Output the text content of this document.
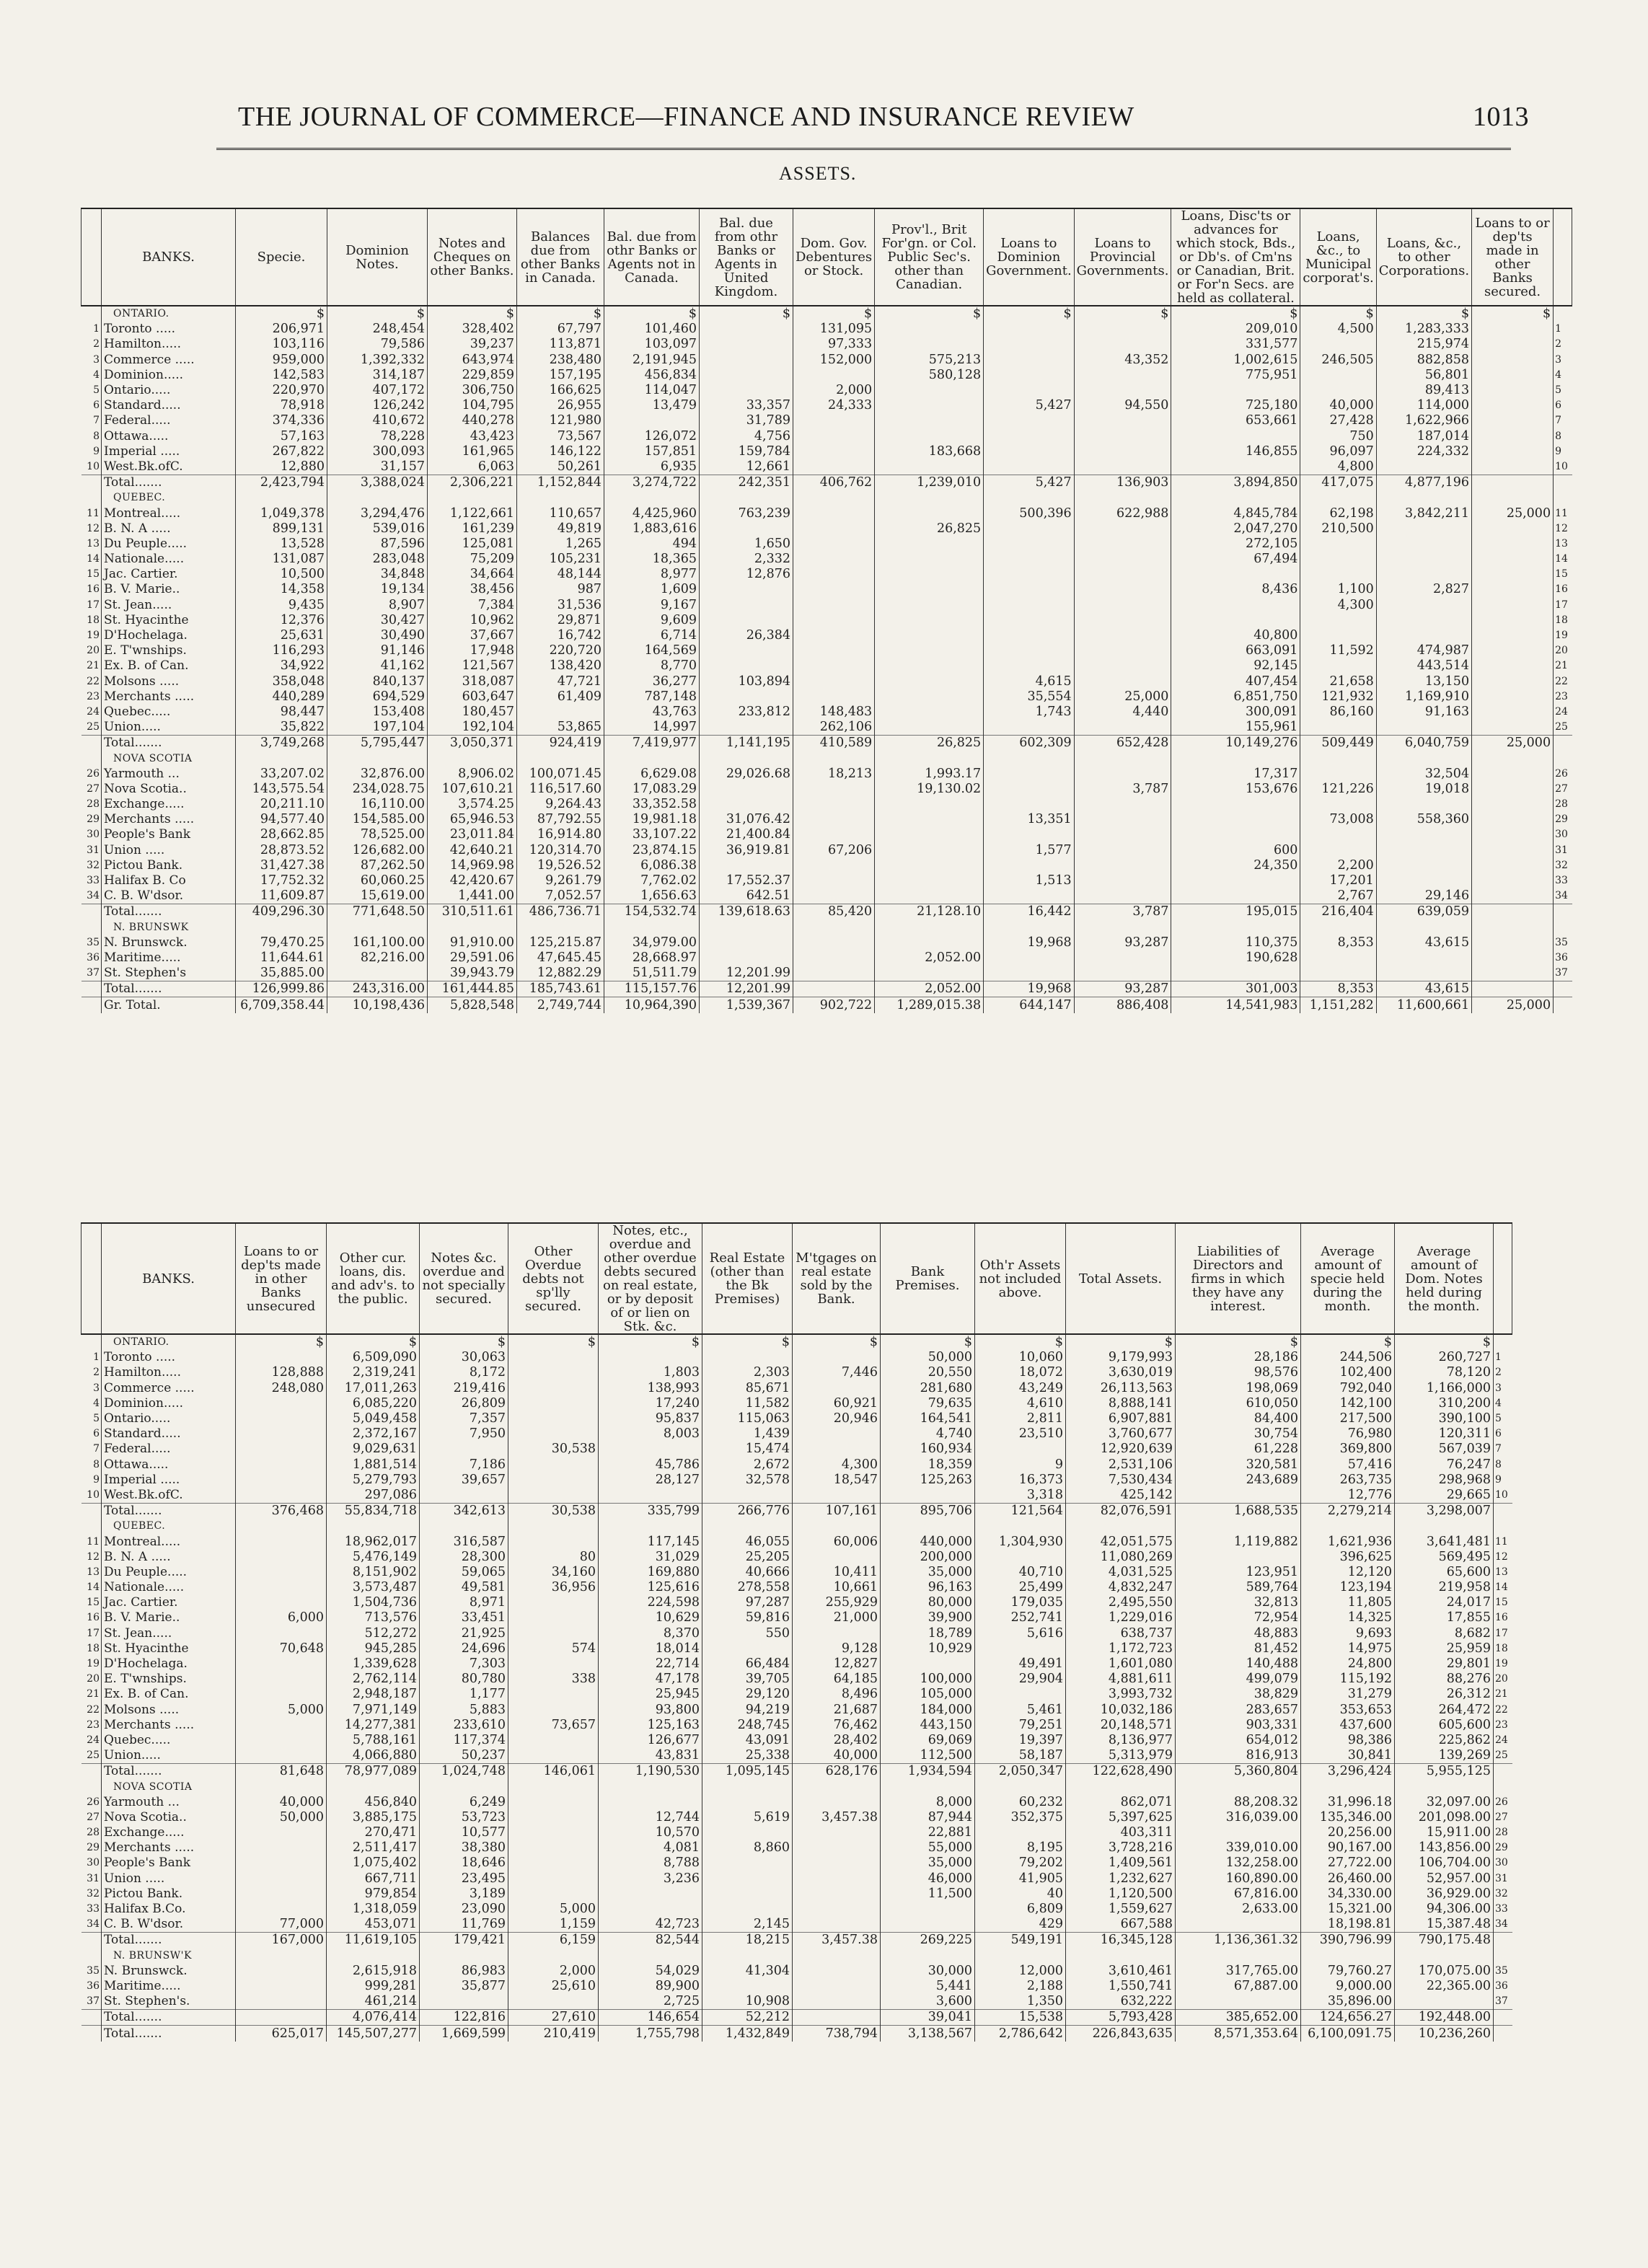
THE JOURNAL OF COMMERCE—FINANCE AND INSURANCE REVIEW	1013
ASSETS.
	BANKS.	Specie.	Dominion Notes.	Notes and Cheques on other Banks.	Balances due from other Banks in Canada.	Bal. due from othr Banks or Agents not in Canada.	Bal. due from othr Banks or Agents in United Kingdom.	Dom. Gov. Debentures or Stock.	Prov'l., Brit For'gn. or Col. Public Sec's. other than Canadian.	Loans to Dominion Government.	Loans to Provincial Governments.	Loans, Disc'ts or advances for which stock, Bds., or Db's. of Cm'ns or Canadian, Brit. or For'n Secs. are held as collateral.	Loans, &c., to Municipal corporat's.	Loans, &c., to other Corporations.	Loans to or dep'ts made in other Banks secured.	
	ONTARIO.	$	$	$	$	$	$	$	$	$	$	$	$	$	$	
1	Toronto .....	206,971	248,454	328,402	67,797	101,460		131,095				209,010	4,500	1,283,333		1
2	Hamilton.....	103,116	79,586	39,237	113,871	103,097		97,333				331,577		215,974		2
3	Commerce .....	959,000	1,392,332	643,974	238,480	2,191,945		152,000	575,213		43,352	1,002,615	246,505	882,858		3
4	Dominion.....	142,583	314,187	229,859	157,195	456,834			580,128			775,951		56,801		4
5	Ontario.....	220,970	407,172	306,750	166,625	114,047		2,000						89,413		5
6	Standard.....	78,918	126,242	104,795	26,955	13,479	33,357	24,333		5,427	94,550	725,180	40,000	114,000		6
7	Federal.....	374,336	410,672	440,278	121,980		31,789					653,661	27,428	1,622,966		7
8	Ottawa.....	57,163	78,228	43,423	73,567	126,072	4,756						750	187,014		8
9	Imperial .....	267,822	300,093	161,965	146,122	157,851	159,784		183,668			146,855	96,097	224,332		9
10	West.Bk.ofC.	12,880	31,157	6,063	50,261	6,935	12,661						4,800			10
	Total.......	2,423,794	3,388,024	2,306,221	1,152,844	3,274,722	242,351	406,762	1,239,010	5,427	136,903	3,894,850	417,075	4,877,196		
	QUEBEC.															
11	Montreal.....	1,049,378	3,294,476	1,122,661	110,657	4,425,960	763,239			500,396	622,988	4,845,784	62,198	3,842,211	25,000	11
12	B. N. A .....	899,131	539,016	161,239	49,819	1,883,616			26,825			2,047,270	210,500			12
13	Du Peuple.....	13,528	87,596	125,081	1,265	494	1,650					272,105				13
14	Nationale.....	131,087	283,048	75,209	105,231	18,365	2,332					67,494				14
15	Jac. Cartier.	10,500	34,848	34,664	48,144	8,977	12,876									15
16	B. V. Marie..	14,358	19,134	38,456	987	1,609						8,436	1,100	2,827		16
17	St. Jean.....	9,435	8,907	7,384	31,536	9,167							4,300			17
18	St. Hyacinthe	12,376	30,427	10,962	29,871	9,609										18
19	D'Hochelaga.	25,631	30,490	37,667	16,742	6,714	26,384					40,800				19
20	E. T'wnships.	116,293	91,146	17,948	220,720	164,569						663,091	11,592	474,987		20
21	Ex. B. of Can.	34,922	41,162	121,567	138,420	8,770						92,145		443,514		21
22	Molsons .....	358,048	840,137	318,087	47,721	36,277	103,894			4,615		407,454	21,658	13,150		22
23	Merchants .....	440,289	694,529	603,647	61,409	787,148				35,554	25,000	6,851,750	121,932	1,169,910		23
24	Quebec.....	98,447	153,408	180,457		43,763	233,812	148,483		1,743	4,440	300,091	86,160	91,163		24
25	Union.....	35,822	197,104	192,104	53,865	14,997		262,106				155,961				25
	Total.......	3,749,268	5,795,447	3,050,371	924,419	7,419,977	1,141,195	410,589	26,825	602,309	652,428	10,149,276	509,449	6,040,759	25,000	
	NOVA SCOTIA															
26	Yarmouth ...	33,207.02	32,876.00	8,906.02	100,071.45	6,629.08	29,026.68	18,213	1,993.17			17,317		32,504		26
27	Nova Scotia..	143,575.54	234,028.75	107,610.21	116,517.60	17,083.29			19,130.02		3,787	153,676	121,226	19,018		27
28	Exchange.....	20,211.10	16,110.00	3,574.25	9,264.43	33,352.58										28
29	Merchants .....	94,577.40	154,585.00	65,946.53	87,792.55	19,981.18	31,076.42			13,351			73,008	558,360		29
30	People's Bank	28,662.85	78,525.00	23,011.84	16,914.80	33,107.22	21,400.84									30
31	Union .....	28,873.52	126,682.00	42,640.21	120,314.70	23,874.15	36,919.81	67,206		1,577		600				31
32	Pictou Bank.	31,427.38	87,262.50	14,969.98	19,526.52	6,086.38						24,350	2,200			32
33	Halifax B. Co	17,752.32	60,060.25	42,420.67	9,261.79	7,762.02	17,552.37			1,513			17,201			33
34	C. B. W'dsor.	11,609.87	15,619.00	1,441.00	7,052.57	1,656.63	642.51						2,767	29,146		34
	Total.......	409,296.30	771,648.50	310,511.61	486,736.71	154,532.74	139,618.63	85,420	21,128.10	16,442	3,787	195,015	216,404	639,059		
	N. BRUNSWK															
35	N. Brunswck.	79,470.25	161,100.00	91,910.00	125,215.87	34,979.00				19,968	93,287	110,375	8,353	43,615		35
36	Maritime.....	11,644.61	82,216.00	29,591.06	47,645.45	28,668.97			2,052.00			190,628				36
37	St. Stephen's	35,885.00		39,943.79	12,882.29	51,511.79	12,201.99									37
	Total.......	126,999.86	243,316.00	161,444.85	185,743.61	115,157.76	12,201.99		2,052.00	19,968	93,287	301,003	8,353	43,615		
	Gr. Total.	6,709,358.44	10,198,436	5,828,548	2,749,744	10,964,390	1,539,367	902,722	1,289,015.38	644,147	886,408	14,541,983	1,151,282	11,600,661	25,000	
	BANKS.	Loans to or dep'ts made in other Banks unsecured	Other cur. loans, dis. and adv's. to the public.	Notes &c. overdue and not specially secured.	Other Overdue debts not sp'lly secured.	Notes, etc., overdue and other overdue debts secured on real estate, or by deposit of or lien on Stk. &c.	Real Estate (other than the Bk Premises)	M'tgages on real estate sold by the Bank.	Bank Premises.	Oth'r Assets not included above.	Total Assets.	Liabilities of Directors and firms in which they have any interest.	Average amount of specie held during the month.	Average amount of Dom. Notes held during the month.	
	ONTARIO.	$	$	$	$	$	$	$	$	$	$	$	$	$	
1	Toronto .....		6,509,090	30,063					50,000	10,060	9,179,993	28,186	244,506	260,727	1
2	Hamilton.....	128,888	2,319,241	8,172		1,803	2,303	7,446	20,550	18,072	3,630,019	98,576	102,400	78,120	2
3	Commerce .....	248,080	17,011,263	219,416		138,993	85,671		281,680	43,249	26,113,563	198,069	792,040	1,166,000	3
4	Dominion.....		6,085,220	26,809		17,240	11,582	60,921	79,635	4,610	8,888,141	610,050	142,100	310,200	4
5	Ontario.....		5,049,458	7,357		95,837	115,063	20,946	164,541	2,811	6,907,881	84,400	217,500	390,100	5
6	Standard.....		2,372,167	7,950		8,003	1,439		4,740	23,510	3,760,677	30,754	76,980	120,311	6
7	Federal.....		9,029,631		30,538		15,474		160,934		12,920,639	61,228	369,800	567,039	7
8	Ottawa.....		1,881,514	7,186		45,786	2,672	4,300	18,359	9	2,531,106	320,581	57,416	76,247	8
9	Imperial .....		5,279,793	39,657		28,127	32,578	18,547	125,263	16,373	7,530,434	243,689	263,735	298,968	9
10	West.Bk.ofC.		297,086							3,318	425,142		12,776	29,665	10
	Total.......	376,468	55,834,718	342,613	30,538	335,799	266,776	107,161	895,706	121,564	82,076,591	1,688,535	2,279,214	3,298,007	
	QUEBEC.														
11	Montreal.....		18,962,017	316,587		117,145	46,055	60,006	440,000	1,304,930	42,051,575	1,119,882	1,621,936	3,641,481	11
12	B. N. A .....		5,476,149	28,300	80	31,029	25,205		200,000		11,080,269		396,625	569,495	12
13	Du Peuple.....		8,151,902	59,065	34,160	169,880	40,666	10,411	35,000	40,710	4,031,525	123,951	12,120	65,600	13
14	Nationale.....		3,573,487	49,581	36,956	125,616	278,558	10,661	96,163	25,499	4,832,247	589,764	123,194	219,958	14
15	Jac. Cartier.		1,504,736	8,971		224,598	97,287	255,929	80,000	179,035	2,495,550	32,813	11,805	24,017	15
16	B. V. Marie..	6,000	713,576	33,451		10,629	59,816	21,000	39,900	252,741	1,229,016	72,954	14,325	17,855	16
17	St. Jean.....		512,272	21,925		8,370	550		18,789	5,616	638,737	48,883	9,693	8,682	17
18	St. Hyacinthe	70,648	945,285	24,696	574	18,014		9,128	10,929		1,172,723	81,452	14,975	25,959	18
19	D'Hochelaga.		1,339,628	7,303		22,714	66,484	12,827		49,491	1,601,080	140,488	24,800	29,801	19
20	E. T'wnships.		2,762,114	80,780	338	47,178	39,705	64,185	100,000	29,904	4,881,611	499,079	115,192	88,276	20
21	Ex. B. of Can.		2,948,187	1,177		25,945	29,120	8,496	105,000		3,993,732	38,829	31,279	26,312	21
22	Molsons .....	5,000	7,971,149	5,883		93,800	94,219	21,687	184,000	5,461	10,032,186	283,657	353,653	264,472	22
23	Merchants .....		14,277,381	233,610	73,657	125,163	248,745	76,462	443,150	79,251	20,148,571	903,331	437,600	605,600	23
24	Quebec.....		5,788,161	117,374		126,677	43,091	28,402	69,069	19,397	8,136,977	654,012	98,386	225,862	24
25	Union.....		4,066,880	50,237		43,831	25,338	40,000	112,500	58,187	5,313,979	816,913	30,841	139,269	25
	Total.......	81,648	78,977,089	1,024,748	146,061	1,190,530	1,095,145	628,176	1,934,594	2,050,347	122,628,490	5,360,804	3,296,424	5,955,125	
	NOVA SCOTIA														
26	Yarmouth ...	40,000	456,840	6,249					8,000	60,232	862,071	88,208.32	31,996.18	32,097.00	26
27	Nova Scotia..	50,000	3,885,175	53,723		12,744	5,619	3,457.38	87,944	352,375	5,397,625	316,039.00	135,346.00	201,098.00	27
28	Exchange.....		270,471	10,577		10,570			22,881		403,311		20,256.00	15,911.00	28
29	Merchants .....		2,511,417	38,380		4,081	8,860		55,000	8,195	3,728,216	339,010.00	90,167.00	143,856.00	29
30	People's Bank		1,075,402	18,646		8,788			35,000	79,202	1,409,561	132,258.00	27,722.00	106,704.00	30
31	Union .....		667,711	23,495		3,236			46,000	41,905	1,232,627	160,890.00	26,460.00	52,957.00	31
32	Pictou Bank.		979,854	3,189					11,500	40	1,120,500	67,816.00	34,330.00	36,929.00	32
33	Halifax B.Co.		1,318,059	23,090	5,000					6,809	1,559,627	2,633.00	15,321.00	94,306.00	33
34	C. B. W'dsor.	77,000	453,071	11,769	1,159	42,723	2,145			429	667,588		18,198.81	15,387.48	34
	Total.......	167,000	11,619,105	179,421	6,159	82,544	18,215	3,457.38	269,225	549,191	16,345,128	1,136,361.32	390,796.99	790,175.48	
	N. BRUNSW'K														
35	N. Brunswck.		2,615,918	86,983	2,000	54,029	41,304		30,000	12,000	3,610,461	317,765.00	79,760.27	170,075.00	35
36	Maritime.....		999,281	35,877	25,610	89,900			5,441	2,188	1,550,741	67,887.00	9,000.00	22,365.00	36
37	St. Stephen's.		461,214			2,725	10,908		3,600	1,350	632,222		35,896.00		37
	Total.......		4,076,414	122,816	27,610	146,654	52,212		39,041	15,538	5,793,428	385,652.00	124,656.27	192,448.00	
	Total.......	625,017	145,507,277	1,669,599	210,419	1,755,798	1,432,849	738,794	3,138,567	2,786,642	226,843,635	8,571,353.64	6,100,091.75	10,236,260	
